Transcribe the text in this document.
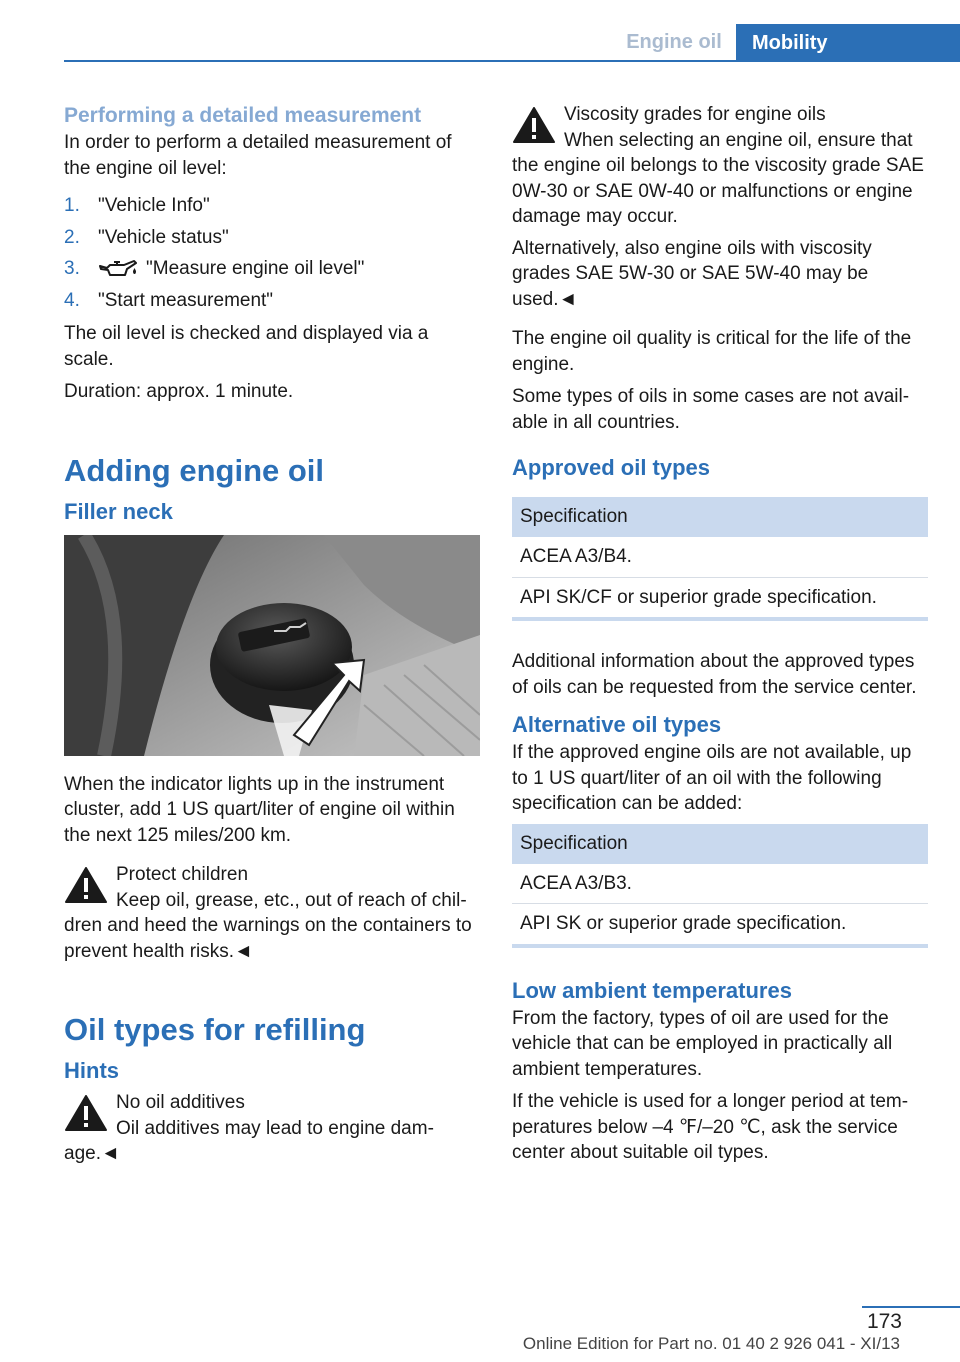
Engine oil	Mobility
Performing a detailed measurement

In order to perform a detailed measurement of the engine oil level:

1. "Vehicle Info"
2. "Vehicle status"
3.	"Measure engine oil level"
4. "Start measurement"

The oil level is checked and displayed via a scale.

Duration: approx. 1 minute.

Adding engine oil
Filler neck

When the indicator lights up in the instrument cluster, add 1 US quart/liter of engine oil within the next 125 miles/200 km.

Protect children
Keep oil, grease, etc., out of reach of children and heed the warnings on the containers to prevent health risks.◄
Oil types for refilling
Hints
No oil additives
Oil additives may lead to engine damage.◄
Viscosity grades for engine oils
When selecting an engine oil, ensure that the engine oil belongs to the viscosity grade SAE 0W-30 or SAE 0W-40 or malfunctions or engine damage may occur.

Alternatively, also engine oils with viscosity grades SAE 5W-30 or SAE 5W-40 may be used.◄

The engine oil quality is critical for the life of the engine.

Some types of oils in some cases are not available in all countries.

Approved oil types
Specification
ACEA A3/B4.
API SK/CF or superior grade specification.

Additional information about the approved types of oils can be requested from the service center.

Alternative oil types

If the approved engine oils are not available, up to 1 US quart/liter of an oil with the following specification can be added:

Specification
ACEA A3/B3.
API SK or superior grade specification.
Low ambient temperatures

From the factory, types of oil are used for the vehicle that can be employed in practically all ambient temperatures.

If the vehicle is used for a longer period at temperatures below –4 ℉/–20 ℃, ask the service center about suitable oil types.

173
Online Edition for Part no. 01 40 2 926 041 - XI/13
